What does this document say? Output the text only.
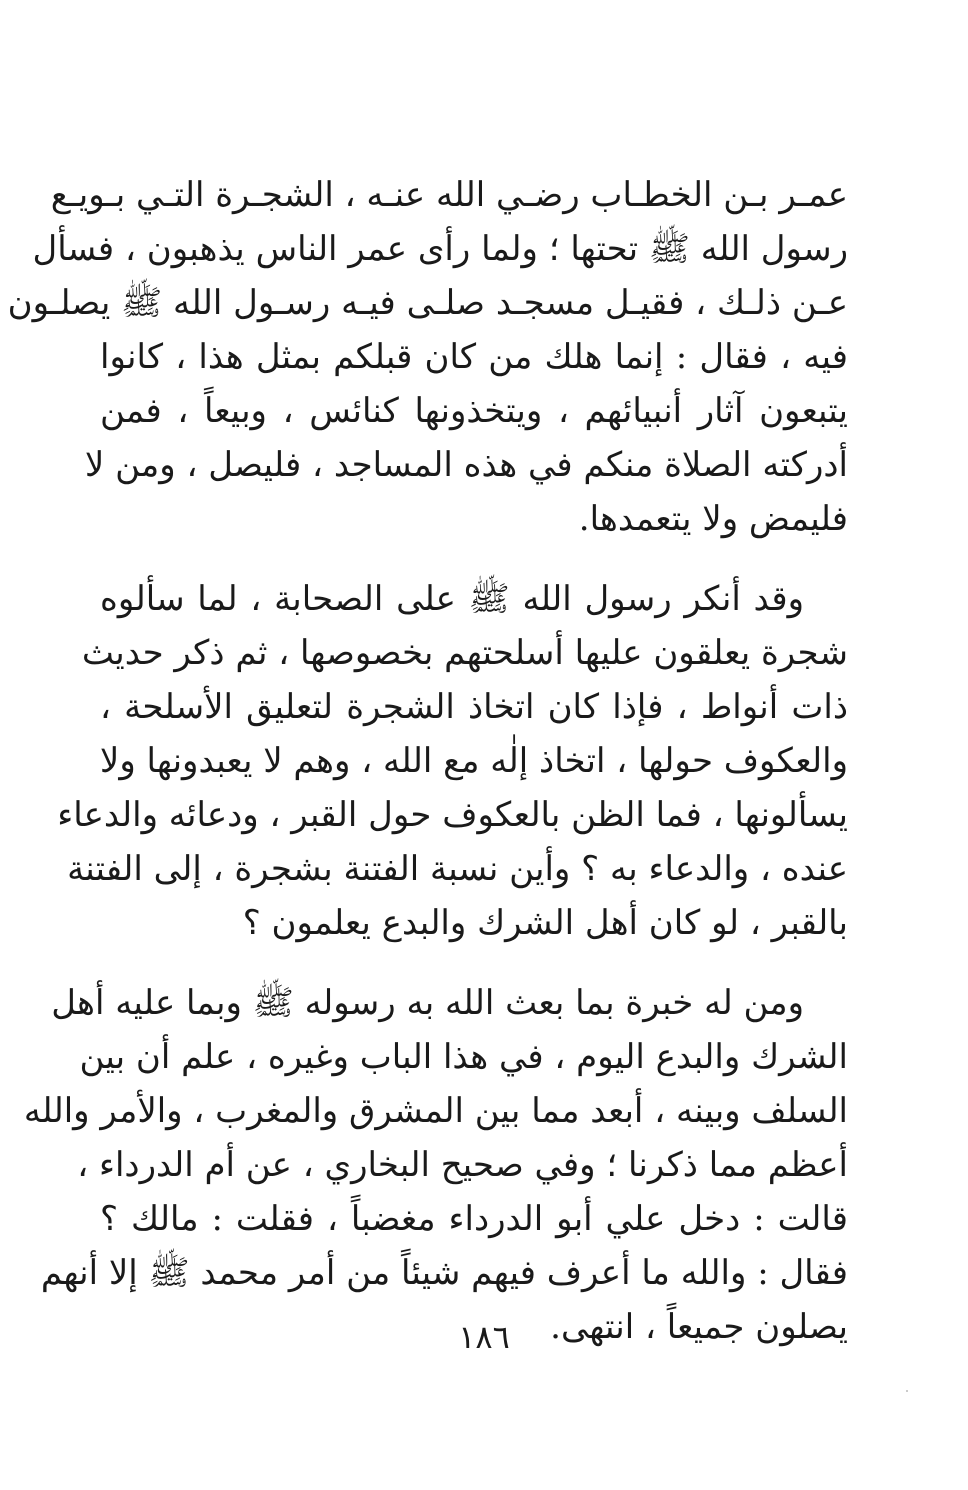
عمـر بـن الخطـاب رضـي الله عنـه ، الشجـرة التـي بـويـع
رسول الله ﷺ تحتها ؛ ولما رأى عمر الناس يذهبون ، فسأل
عـن ذلـك ، فقيـل مسجـد صلـى فيـه رسـول الله ﷺ يصلـون
فيه ، فقال : إنما هلك من كان قبلكم بمثل هذا ، كانوا
يتبعون آثار أنبيائهم ، ويتخذونها كنائس ، وبيعاً ، فمن
أدركته الصلاة منكم في هذه المساجد ، فليصل ، ومن لا
فليمض ولا يتعمدها.
وقد أنكر رسول الله ﷺ على الصحابة ، لما سألوه
شجرة يعلقون عليها أسلحتهم بخصوصها ، ثم ذكر حديث
ذات أنواط ، فإذا كان اتخاذ الشجرة لتعليق الأسلحة ،
والعكوف حولها ، اتخاذ إلٰه مع الله ، وهم لا يعبدونها ولا
يسألونها ، فما الظن بالعكوف حول القبر ، ودعائه والدعاء
عنده ، والدعاء به ؟ وأين نسبة الفتنة بشجرة ، إلى الفتنة
بالقبر ، لو كان أهل الشرك والبدع يعلمون ؟
ومن له خبرة بما بعث الله به رسوله ﷺ وبما عليه أهل
الشرك والبدع اليوم ، في هذا الباب وغيره ، علم أن بين
السلف وبينه ، أبعد مما بين المشرق والمغرب ، والأمر والله
أعظم مما ذكرنا ؛ وفي صحيح البخاري ، عن أم الدرداء ،
قالت : دخل علي أبو الدرداء مغضباً ، فقلت : مالك ؟
فقال : والله ما أعرف فيهم شيئاً من أمر محمد ﷺ إلا أنهم
يصلون جميعاً ، انتهى.
١٨٦
